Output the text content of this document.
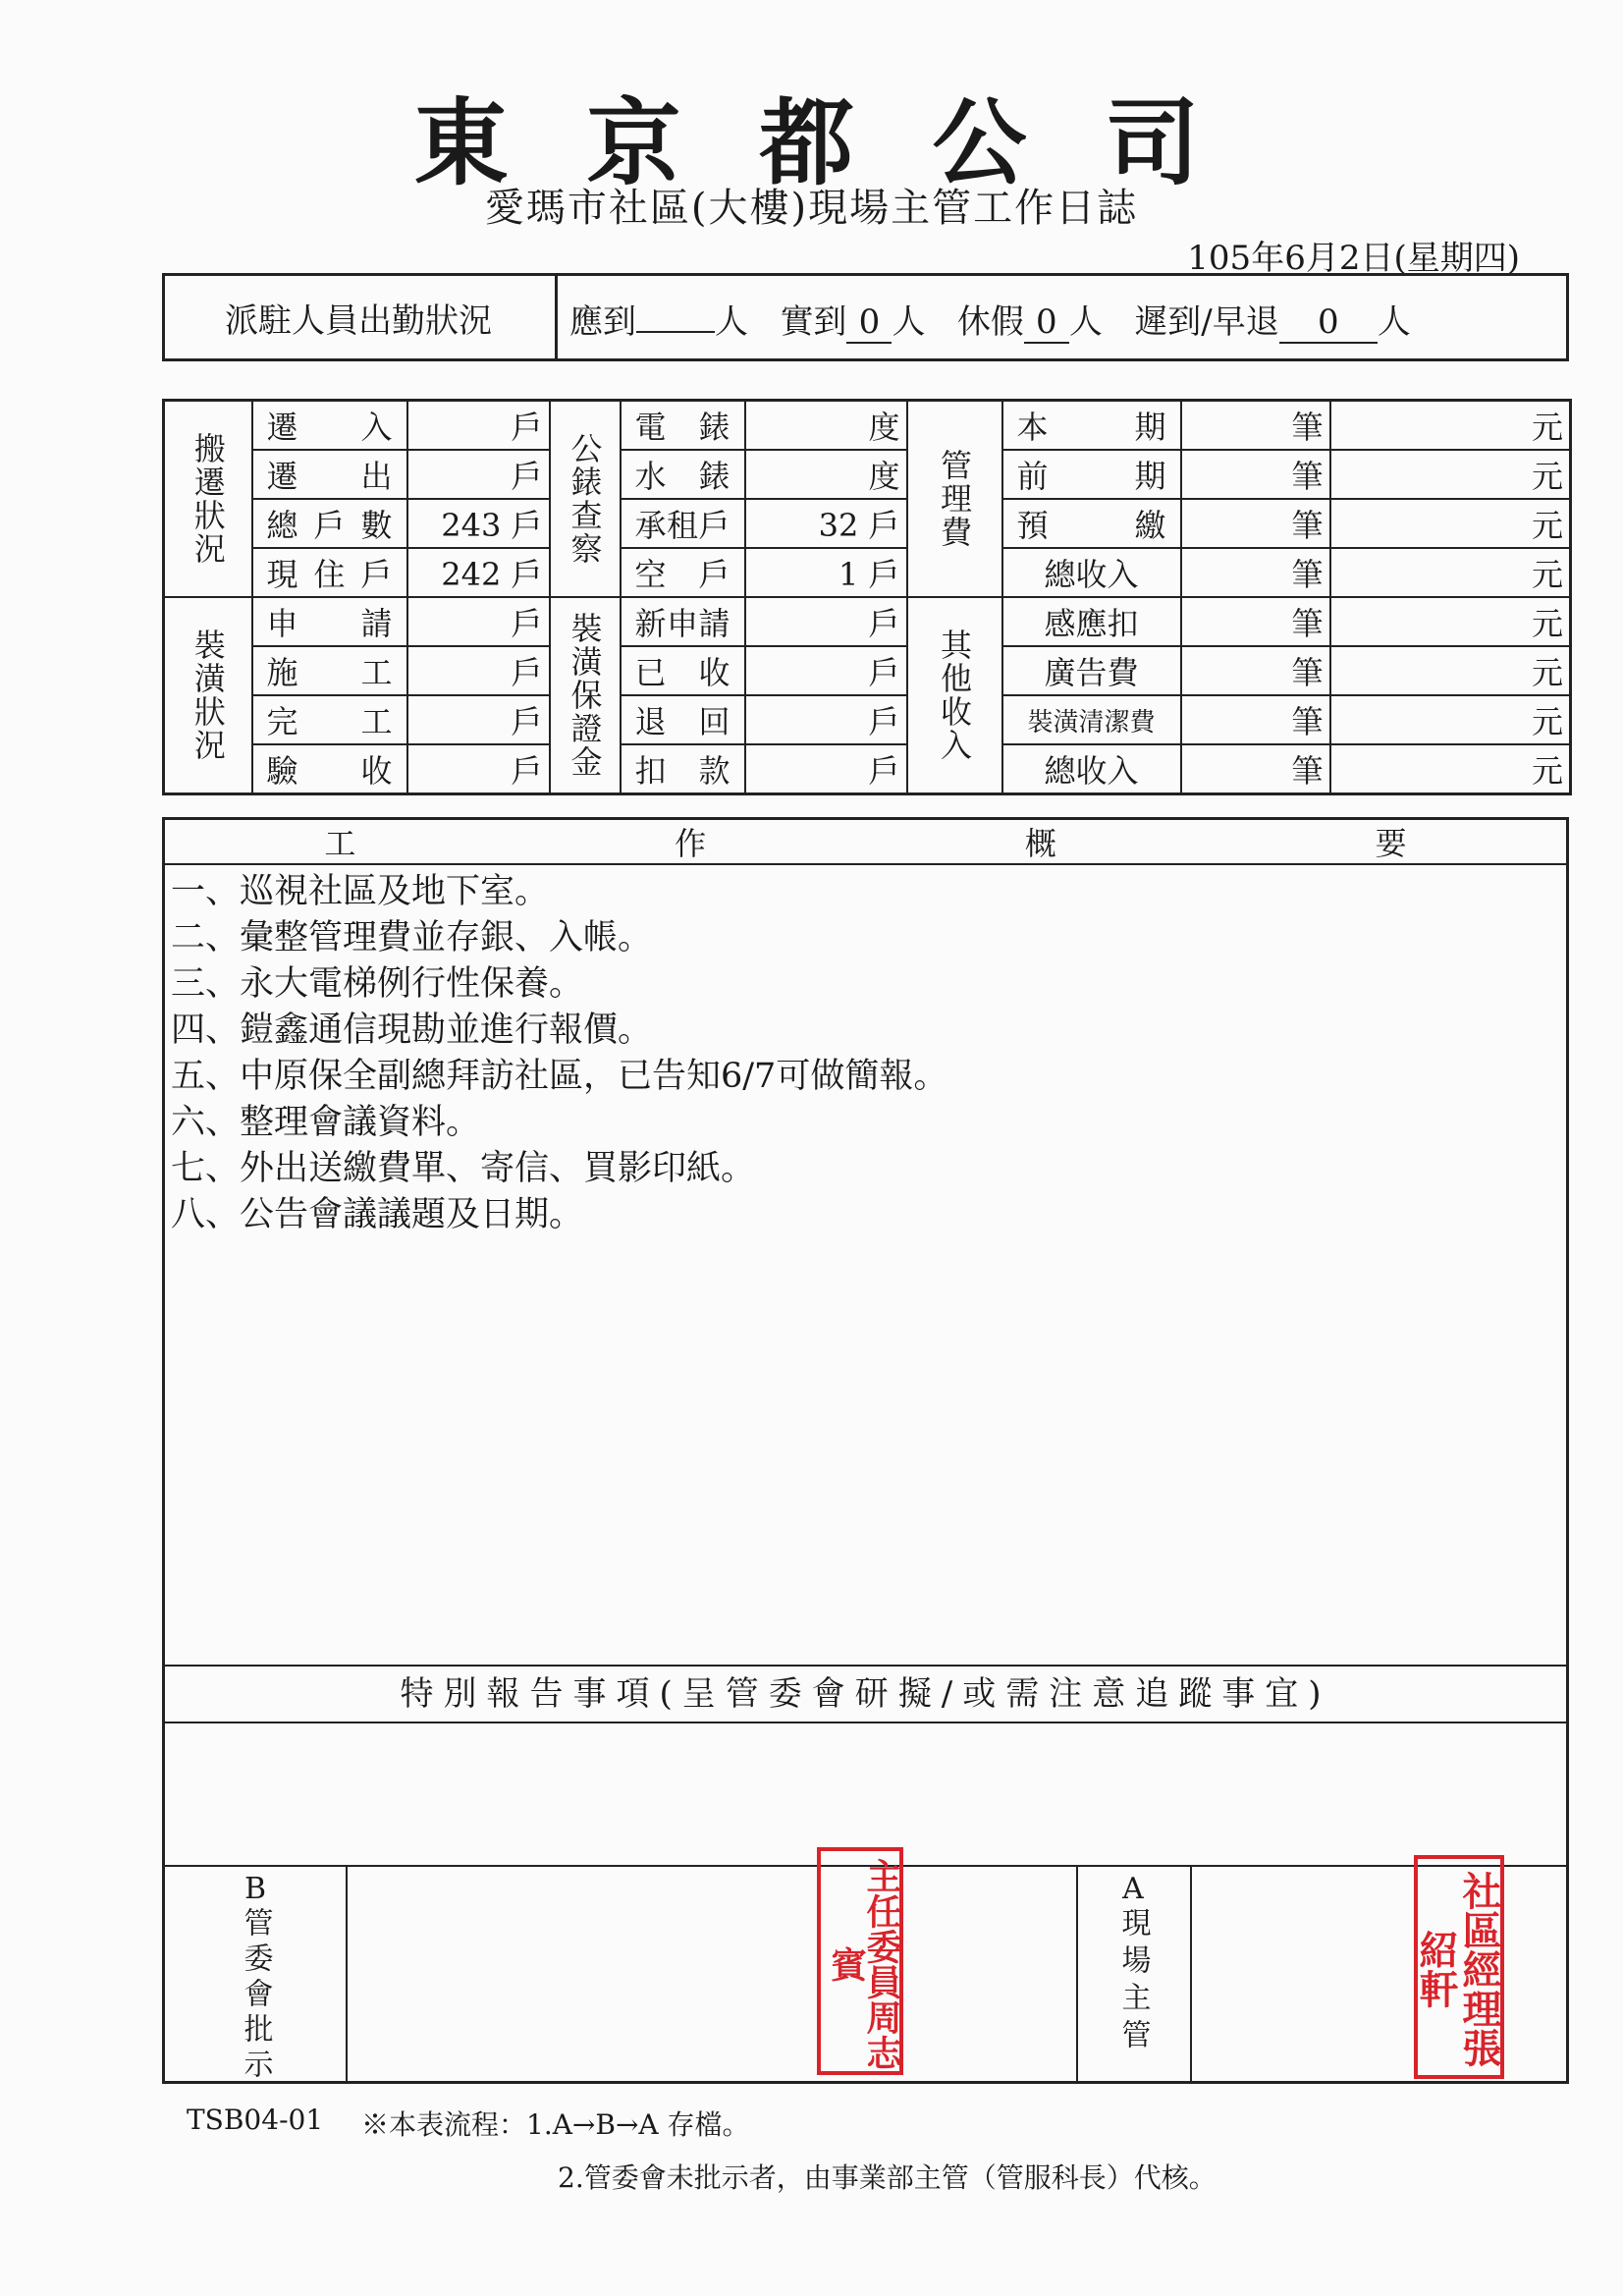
東京都公司
愛瑪市社區(大樓)現場主管工作日誌
105年6月2日(星期四)
派駐人員出勤狀況	應到 人 實到 0 人 休假 0 人 遲到/早退 0 人
搬遷狀況	遷入	戶	公錶查察	電錶	度	管理費	本期	筆	元
	遷出	戶		水錶	度		前期	筆	元
	總戶數	243 戶		承租戶	32 戶		預繳	筆	元
	現住戶	242 戶		空戶	1 戶		總收入	筆	元
裝潢狀況	申請	戶	裝潢保證金	新申請	戶	其他收入	感應扣	筆	元
	施工	戶		已收	戶		廣告費	筆	元
	完工	戶		退回	戶		裝潢清潔費	筆	元
	驗收	戶		扣款	戶		總收入	筆	元
工	作	概	要
一、巡視社區及地下室。
二、彙整管理費並存銀、入帳。
三、永大電梯例行性保養。
四、鎧鑫通信現勘並進行報價。
五、中原保全副總拜訪社區，已告知6/7可做簡報。
六、整理會議資料。
七、外出送繳費單、寄信、買影印紙。
八、公告會議議題及日期。
特別報告事項(呈管委會研擬/或需注意追蹤事宜)
B
管委會批示	主任委員周志賓
A
現場主管	社區經理張紹軒
TSB04-01 ※本表流程：1.A→B→A 存檔。
2.管委會未批示者，由事業部主管（管服科長）代核。
